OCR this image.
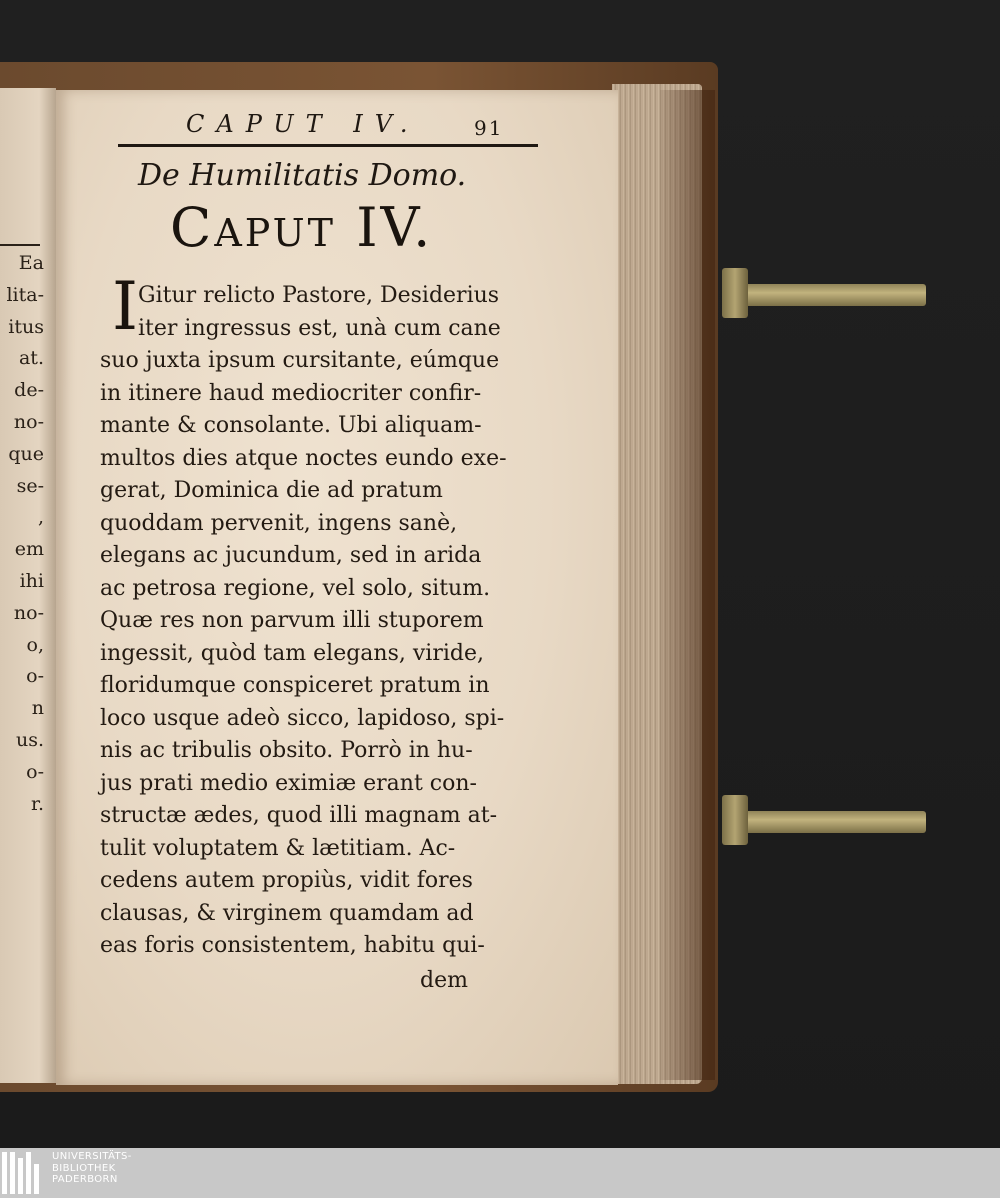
Ea
lita-
itus
at.
de-
no-
que
se-
,
em
ihi
no-
o,
o-
n
us.
o-
r.
CAPUT IV.	91
De Humilitatis Domo.
Caput IV.
I Gitur relicto Pastore, Desiderius
iter ingressus est, unà cum cane
suo juxta ipsum cursitante, eúmque
in itinere haud mediocriter confir-
mante & consolante. Ubi aliquam-
multos dies atque noctes eundo exe-
gerat, Dominica die ad pratum
quoddam pervenit, ingens sanè,
elegans ac jucundum, sed in arida
ac petrosa regione, vel solo, situm.
Quæ res non parvum illi stuporem
ingessit, quòd tam elegans, viride,
floridumque conspiceret pratum in
loco usque adeò sicco, lapidoso, spi-
nis ac tribulis obsito. Porrò in hu-
jus prati medio eximiæ erant con-
structæ ædes, quod illi magnam at-
tulit voluptatem & lætitiam. Ac-
cedens autem propiùs, vidit fores
clausas, & virginem quamdam ad
eas foris consistentem, habitu qui-
dem
UNIVERSITÄTS-
BIBLIOTHEK
PADERBORN
